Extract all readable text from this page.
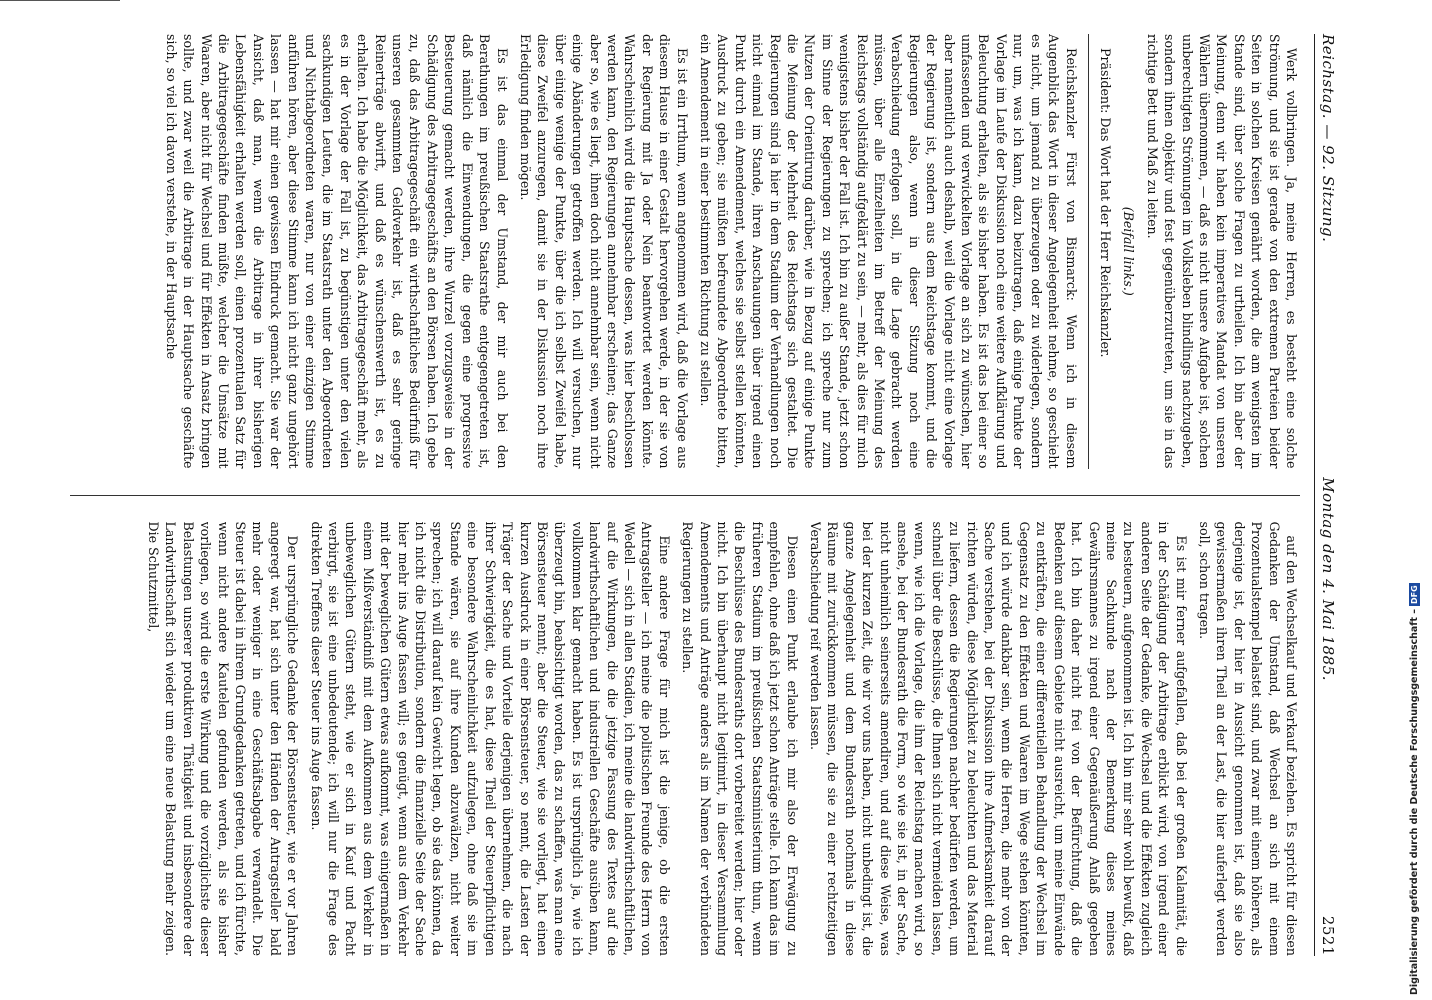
Reichstag. — 92. Sitzung.
Montag den 4. Mai 1885.
2521

Werk vollbringen. Ja, meine Herren, es besteht eine solche Strömung, und sie ist gerade von den extremen Parteien beider Seiten in solchen Kreisen genährt worden, die am wenigsten im Stande sind, über solche Fragen zu urtheilen. Ich bin aber der Meinung, denn wir haben kein imperatives Mandat von unseren Wählern übernommen, — daß es nicht unsere Aufgabe ist, solchen unberechtigten Strömungen im Volksleben blindlings nachzugeben, sondern ihnen objektiv und fest gegenüberzutreten, um sie in das richtige Bett und Maß zu leiten.

(Beifall links.)

Präsident: Das Wort hat der Herr Reichskanzler.

Reichskanzler Fürst von Bismarck: Wenn ich in diesem Augenblick das Wort in dieser Angelegenheit nehme, so geschieht es nicht, um jemand zu überzeugen oder zu widerlegen, sondern nur, um, was ich kann, dazu beizutragen, daß einige Punkte der Vorlage im Laufe der Diskussion noch eine weitere Aufklärung und Beleuchtung erhalten, als sie bisher haben. Es ist das bei einer so umfassenden und verwickelten Vorlage an sich zu wünschen, hier aber namentlich auch deshalb, weil die Vorlage nicht eine Vorlage der Regierung ist, sondern aus dem Reichstage kommt, und die Regierungen also, wenn in dieser Sitzung noch eine Verabschiedung erfolgen soll, in die Lage gebracht werden müssen, über alle Einzelheiten im Betreff der Meinung des Reichstags vollständig aufgeklärt zu sein, — mehr, als dies für mich wenigstens bisher der Fall ist. Ich bin zu außer Stande, jetzt schon im Sinne der Regierungen zu sprechen; ich spreche nur zum Nutzen der Orientirung darüber, wie in Bezug auf einige Punkte die Meinung der Mehrheit des Reichstags sich gestaltet. Die Regierungen sind ja hier in dem Stadium der Verhandlungen noch nicht einmal im Stande, ihren Anschauungen über irgend einen Punkt durch ein Amendement, welches sie selbst stellen könnten, Ausdruck zu geben; sie müßten befreundete Abgeordnete bitten, ein Amendement in einer bestimmten Richtung zu stellen.

Es ist ein Irrthum, wenn angenommen wird, daß die Vorlage aus diesem Hause in einer Gestalt hervorgehen werde, in der sie von der Regierung mit Ja oder Nein beantwortet werden könnte. Wahrscheinlich wird die Hauptsache dessen, was hier beschlossen werden kann, den Regierungen annehmbar erscheinen; das Ganze aber so, wie es liegt, ihnen doch nicht annehmbar sein, wenn nicht einige Abänderungen getroffen werden. Ich will versuchen, nur über einige wenige der Punkte, über die ich selbst Zweifel habe, diese Zweifel anzuregen, damit sie in der Diskussion noch ihre Erledigung finden mögen.

Es ist das einmal der Umstand, der mir auch bei den Berathungen im preußischen Staatsrathe entgegengetreten ist, daß nämlich die Einwendungen, die gegen eine progressive Besteuerung gemacht werden, ihre Wurzel vorzugsweise in der Schädigung des Arbitragegeschäfts an den Börsen haben. Ich gebe zu, daß das Arbitragegeschäft ein wirthschaftliches Bedürfniß für unseren gesammten Geldverkehr ist, daß es sehr geringe Reinerträge abwirft, und daß es wünschenswerth ist, es zu erhalten. Ich habe die Möglichkeit, das Arbitragegeschäft mehr, als es in der Vorlage der Fall ist, zu begünstigen unter den vielen sachkundigen Leuten, die im Staatsrath unter den Abgeordneten und Nichtabgeordneten waren, nur von einer einzigen Stimme anführen hören, aber diese Stimme kann ich nicht ganz ungehört lassen — hat mir einen gewissen Eindruck gemacht. Sie war der Ansicht, daß man, wenn die Arbitrage in ihrer bisherigen Lebensfähigkeit erhalten werden soll, einen prozentualen Satz für die Arbitragegeschäfte finden müßte, welcher die Umsätze mit Waaren, aber nicht für Wechsel und für Effekten in Ansatz bringen sollte, und zwar weil die Arbitrage in der Hauptsache geschäfte sich, so viel ich davon verstehe, in der Hauptsache

auf den Wechselkauf und Verkauf beziehen. Es spricht für diesen Gedanken der Umstand, daß Wechsel an sich mit einem Prozentualstempel belastet sind, und zwar mit einem höheren, als derjenige ist, der hier in Aussicht genommen ist, daß sie also gewissermaßen ihren Theil an der Last, die hier auferlegt werden soll, schon tragen.

Es ist mir ferner aufgefallen, daß bei der großen Kalamität, die in der Schädigung der Arbitrage erblickt wird, von irgend einer anderen Seite der Gedanke, die Wechsel und die Effekten zugleich zu besteuern, aufgenommen ist. Ich bin mir sehr wohl bewußt, daß meine Sachkunde nach der Bemerkung dieses meines Gewährsmannes zu irgend einer Gegenäußerung Anlaß gegeben hat. Ich bin daher nicht frei von der Befürchtung, daß die Bedenken auf diesem Gebiete nicht ausreicht, um meine Einwände zu entkräften, die einer differentiellen Behandlung der Wechsel im Gegensatz zu den Effekten und Waaren im Wege stehen könnten, und ich würde dankbar sein, wenn die Herren, die mehr von der Sache verstehen, bei der Diskussion ihre Aufmerksamkeit darauf richten würden, diese Möglichkeit zu beleuchten und das Material zu liefern, dessen die Regierungen nachher bedürfen werden, um schnell über die Beschlüsse, die Ihnen sich nicht vermeiden lassen, wenn, wie ich die Vorlage, die ihm der Reichstag machen wird, so ansehe, bei der Bundesrath die Form, so wie sie ist, in der Sache, nicht unheimlich seinerseits amendiren, und auf diese Weise, was bei der kurzen Zeit, die wir vor uns haben, nicht unbedingt ist, die ganze Angelegenheit und dem Bundesrath nochmals in diese Räume mit zurückkommen müssen, die sie zu einer rechtzeitigen Verabschiedung reif werden lassen.

Diesen einen Punkt erlaube ich mir also der Erwägung zu empfehlen, ohne daß ich jetzt schon Anträge stelle. Ich kann das im früheren Stadium im preußischen Staatsministerium thun, wenn die Beschlüsse des Bundesraths dort vorbereitet werden; hier oder nicht. Ich bin überhaupt nicht legitimirt, in dieser Versammlung Amendements und Anträge anders als im Namen der verbündeten Regierungen zu stellen.

Eine andere Frage für mich ist die jenige, ob die ersten Antragsteller — ich meine die politischen Freunde des Herrn von Wedell — sich in allen Stadien, ich meine die landwirthschaftlichen, auf die Wirkungen, die die jetzige Fassung des Textes auf die landwirthschaftlichen und industriellen Geschäfte ausüben kann, vollkommen klar gemacht haben. Es ist ursprünglich ja, wie ich überzeugt bin, beabsichtigt worden, das zu schaffen, was man eine Börsensteuer nennt; aber die Steuer, wie sie vorliegt, hat einen kurzen Ausdruck in einer Börsensteuer, so nennt, die Lasten der Träger der Sache und Vorteile derjenigen übernehmen, die nach ihrer Schwierigkeit, die es hat, diese Theil der Steuerpflichtigen eine besondere Wahrscheinlichkeit aufzulegen, ohne daß sie im Stande wären, sie auf ihre Kunden abzuwälzen, nicht weiter sprechen; ich will darauf kein Gewicht legen, ob sie das können, da ich nicht die Distribution, sondern die finanzielle Seite der Sache hier mehr ins Auge fassen will; es genügt, wenn aus dem Verkehr mit der beweglichen Gütern etwas aufkommt, was einigermaßen in einem Mißverständniß mit dem Aufkommen aus dem Verkehr in unbeweglichen Gütern steht, wie er sich in Kauf und Pacht verbirgt, sie ist eine unbedeutende; ich will nur die Frage des direkten Treffens dieser Steuer ins Auge fassen.

Der ursprüngliche Gedanke der Börsensteuer, wie er vor Jahren angeregt war, hat sich unter den Händen der Antragsteller bald mehr oder weniger in eine Geschäftsabgabe verwandelt. Die Steuer ist dabei in ihrem Grundgedanken getreten, und ich fürchte, wenn nicht andere Kautelen gefunden werden, als sie bisher vorliegen, so wird die erste Wirkung und die vorzüglichste dieser Belastungen unserer produktiven Thätigkeit und insbesondere der Landwirthschaft sich wieder um eine neue Belastung mehr zeigen. Die Schutzmittel,

Digitalisierung gefördert durch die Deutsche Forschungsgemeinschaft – DFG
